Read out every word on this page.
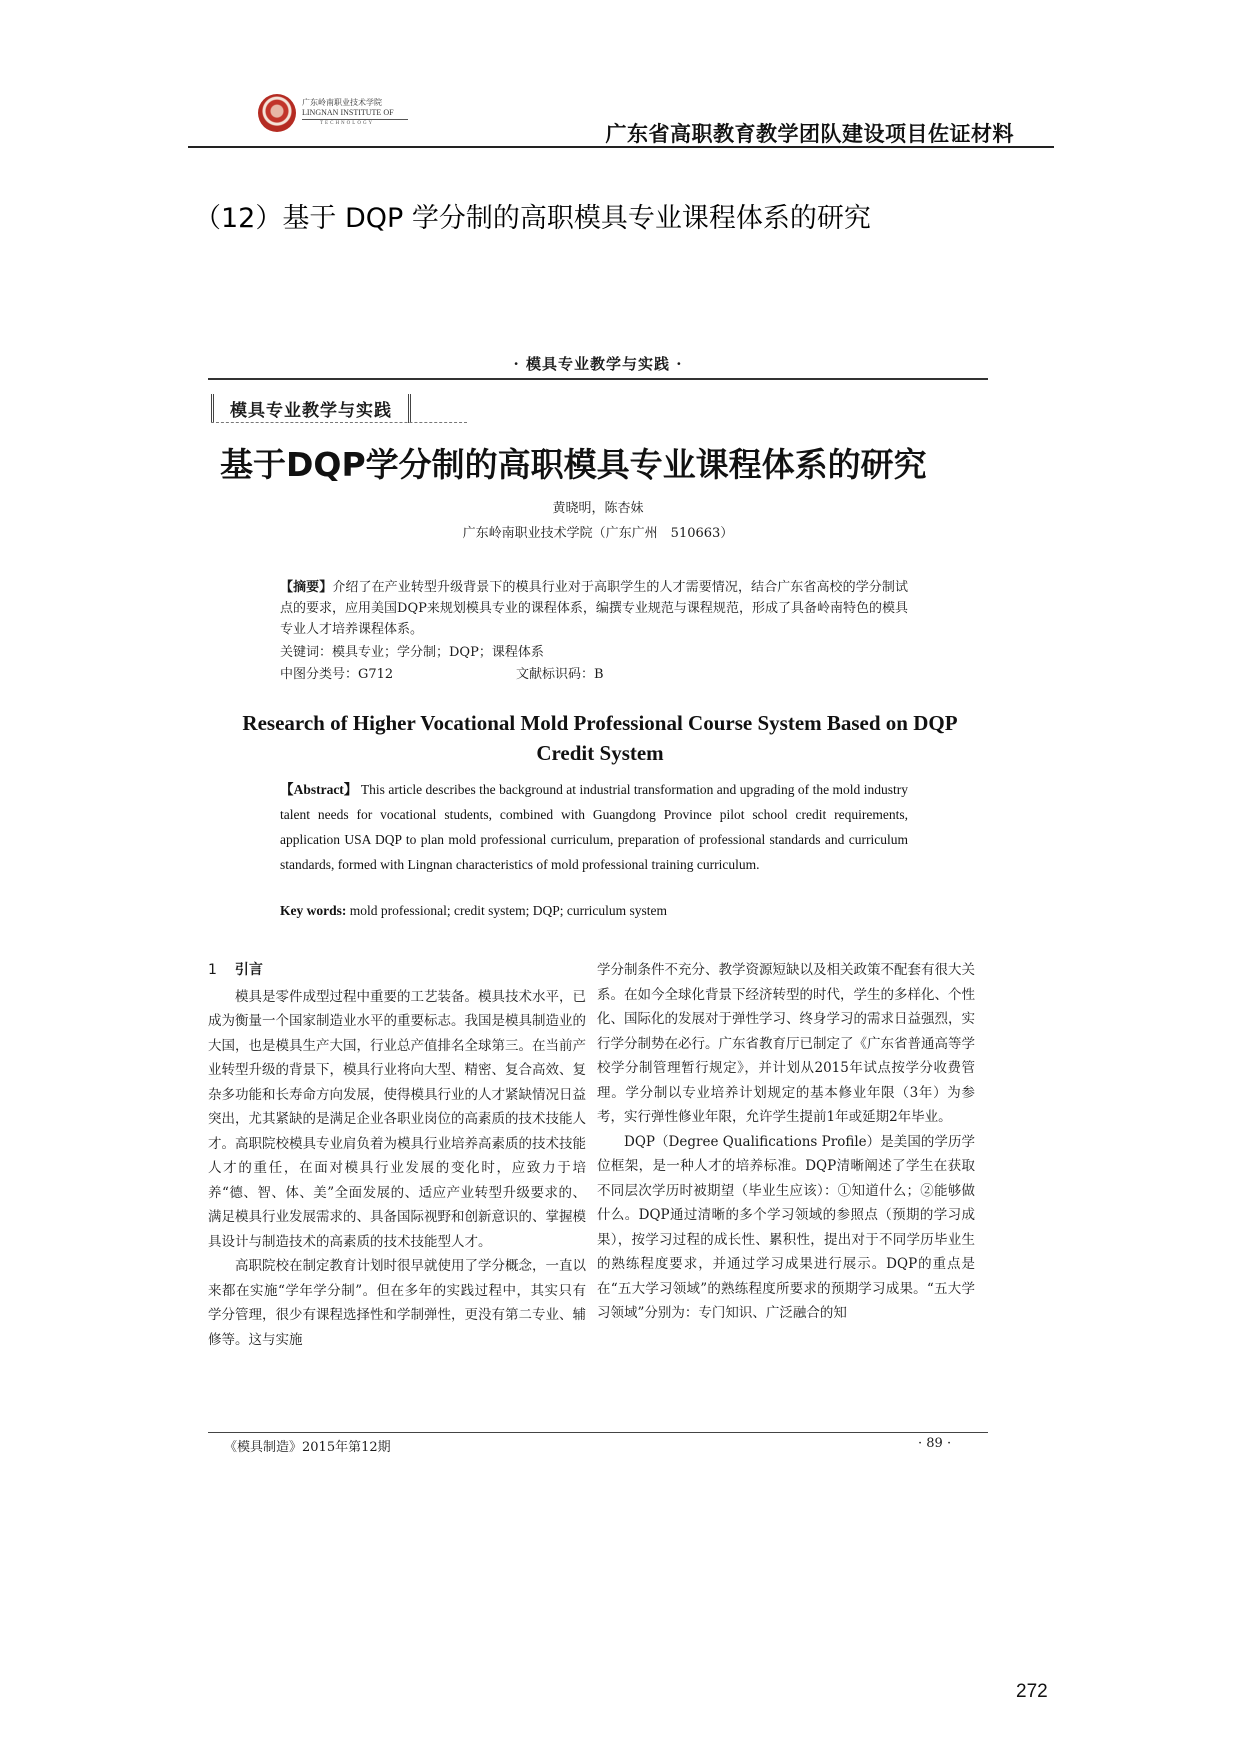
广东岭南职业技术学院
LINGNAN INSTITUTE OF
TECHNOLOGY	广东省高职教育教学团队建设项目佐证材料
（12）基于 DQP 学分制的高职模具专业课程体系的研究
· 模具专业教学与实践 ·
模具专业教学与实践
基于DQP学分制的高职模具专业课程体系的研究
黄晓明，陈杏妹
广东岭南职业技术学院（广东广州　510663）
【摘要】介绍了在产业转型升级背景下的模具行业对于高职学生的人才需要情况，结合广东省高校的学分制试点的要求，应用美国DQP来规划模具专业的课程体系，编撰专业规范与课程规范，形成了具备岭南特色的模具专业人才培养课程体系。
关键词：模具专业；学分制；DQP；课程体系
中图分类号：G712	文献标识码：B
Research of Higher Vocational Mold Professional Course System Based on DQP Credit System
【Abstract】 This article describes the background at industrial transformation and upgrading of the mold industry talent needs for vocational students, combined with Guangdong Province pilot school credit requirements, application USA DQP to plan mold professional curriculum, preparation of professional standards and curriculum standards, formed with Lingnan characteristics of mold professional training curriculum.
Key words: mold professional; credit system; DQP; curriculum system
1 引言

模具是零件成型过程中重要的工艺装备。模具技术水平，已成为衡量一个国家制造业水平的重要标志。我国是模具制造业的大国，也是模具生产大国，行业总产值排名全球第三。在当前产业转型升级的背景下，模具行业将向大型、精密、复合高效、复杂多功能和长寿命方向发展，使得模具行业的人才紧缺情况日益突出，尤其紧缺的是满足企业各职业岗位的高素质的技术技能人才。高职院校模具专业肩负着为模具行业培养高素质的技术技能人才的重任，在面对模具行业发展的变化时，应致力于培养“德、智、体、美”全面发展的、适应产业转型升级要求的、满足模具行业发展需求的、具备国际视野和创新意识的、掌握模具设计与制造技术的高素质的技术技能型人才。

高职院校在制定教育计划时很早就使用了学分概念，一直以来都在实施“学年学分制”。但在多年的实践过程中，其实只有学分管理，很少有课程选择性和学制弹性，更没有第二专业、辅修等。这与实施

学分制条件不充分、教学资源短缺以及相关政策不配套有很大关系。在如今全球化背景下经济转型的时代，学生的多样化、个性化、国际化的发展对于弹性学习、终身学习的需求日益强烈，实行学分制势在必行。广东省教育厅已制定了《广东省普通高等学校学分制管理暂行规定》，并计划从2015年试点按学分收费管理。学分制以专业培养计划规定的基本修业年限（3年）为参考，实行弹性修业年限，允许学生提前1年或延期2年毕业。

DQP（Degree Qualifications Profile）是美国的学历学位框架，是一种人才的培养标准。DQP清晰阐述了学生在获取不同层次学历时被期望（毕业生应该）：①知道什么；②能够做什么。DQP通过清晰的多个学习领域的参照点（预期的学习成果），按学习过程的成长性、累积性，提出对于不同学历毕业生的熟练程度要求，并通过学习成果进行展示。DQP的重点是在“五大学习领域”的熟练程度所要求的预期学习成果。“五大学习领域”分别为：专门知识、广泛融合的知

《模具制造》2015年第12期	· 89 ·
272
